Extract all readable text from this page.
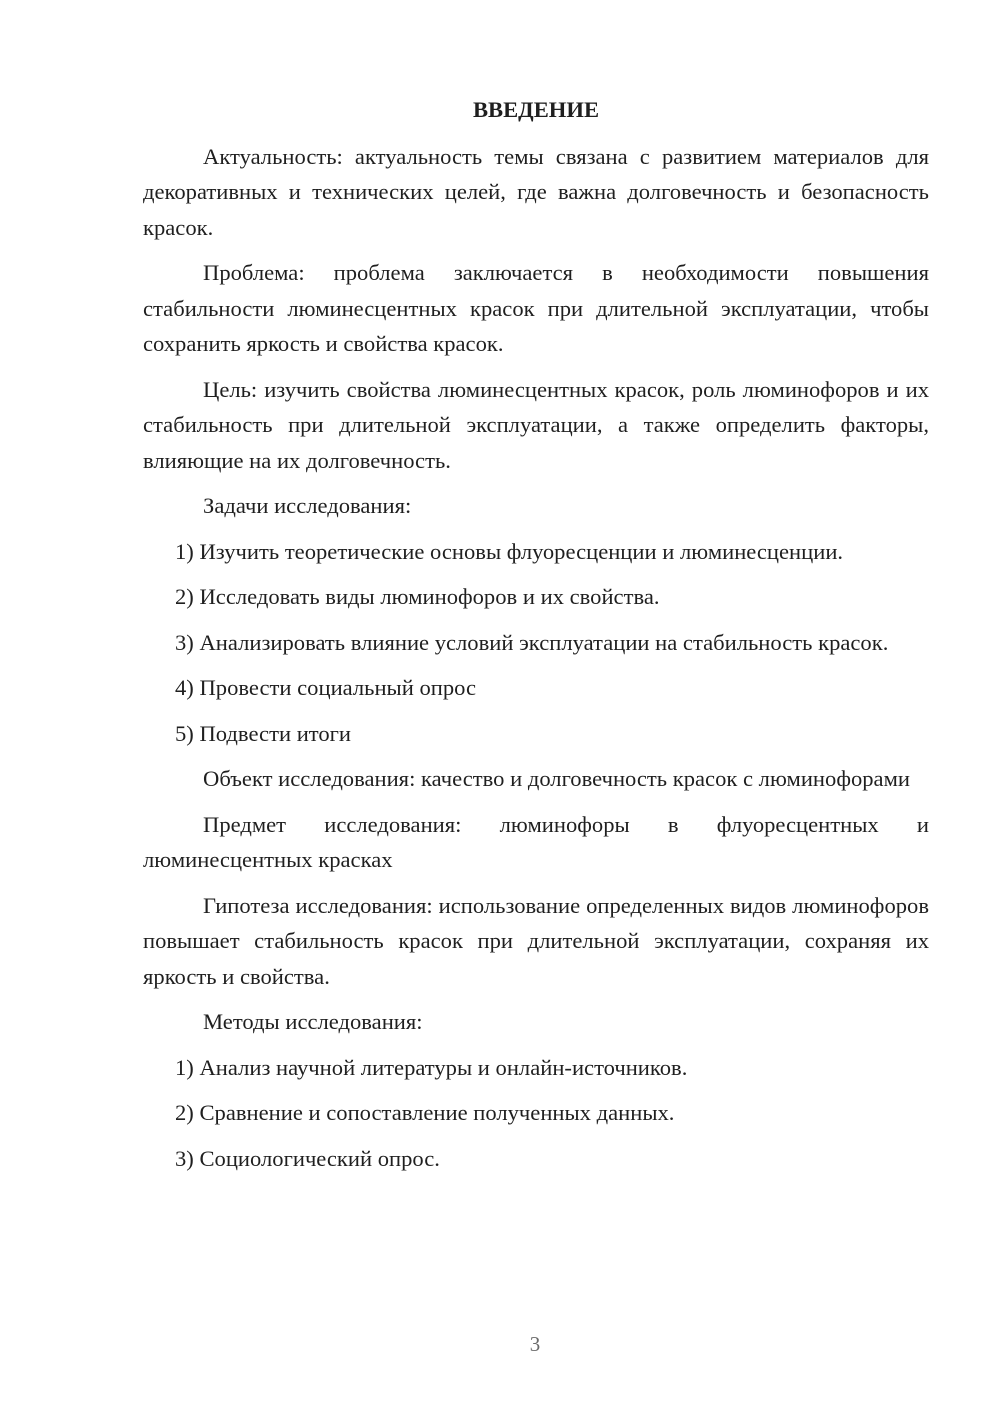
ВВЕДЕНИЕ

Актуальность: актуальность темы связана с развитием материалов для декоративных и технических целей, где важна долговечность и безопасность красок.

Проблема: проблема заключается в необходимости повышения стабильности люминесцентных красок при длительной эксплуатации, чтобы сохранить яркость и свойства красок.

Цель: изучить свойства люминесцентных красок, роль люминофоров и их стабильность при длительной эксплуатации, а также определить факторы, влияющие на их долговечность.

Задачи исследования:

1) Изучить теоретические основы флуоресценции и люминесценции.

2) Исследовать виды люминофоров и их свойства.

3) Анализировать влияние условий эксплуатации на стабильность красок.

4) Провести социальный опрос

5) Подвести итоги

Объект исследования: качество и долговечность красок с люминофорами

Предмет исследования: люминофоры в флуоресцентных и люминесцентных красках

Гипотеза исследования: использование определенных видов люминофоров повышает стабильность красок при длительной эксплуатации, сохраняя их яркость и свойства.

Методы исследования:

1) Анализ научной литературы и онлайн-источников.

2) Сравнение и сопоставление полученных данных.

3) Социологический опрос.

3
